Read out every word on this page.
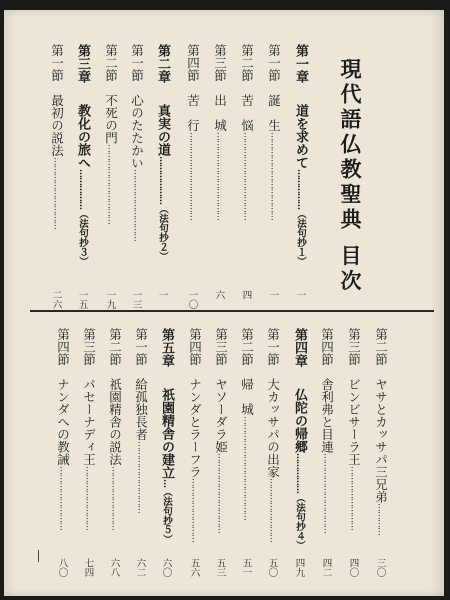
現代語仏教聖典 目次
第一章　道を求めて……………（法句抄１）
一
第一節　誕　生……………………………
一
第二節　苦　悩……………………………
四
第三節　出　城……………………………
六
第四節　苦　行……………………………
一〇
第二章　真実の道………………（法句抄２）
一
第一節　心のたたかい………………………
一三
第二節　不死の門…………………………
一九
第三章　教化の旅へ……………（法句抄３）
一五
第一節　最初の説法………………………
二六
第二節　ヤサとカッサパ三兄弟…………
三〇
第三節　ビンビサーラ王……………………
四〇
第四節　舎利弗と目連…………………………
四二
第四章　仏陀の帰郷……………（法句抄４）
四九
第一節　大カッサパの出家……………………
五〇
第二節　帰　城…………………………………
五一
第三節　ヤソーダラ姫…………………………
五三
第四節　ナンダとラーフラ……………………
五六
第五章　祇園精舎の建立…（法句抄５）
六〇
第一節　給孤独長者………………………
六二
第二節　祇園精舎の説法……………………
六八
第三節　パセーナディ王……………………
七四
第四節　ナンダへの教誡……………………
八〇
